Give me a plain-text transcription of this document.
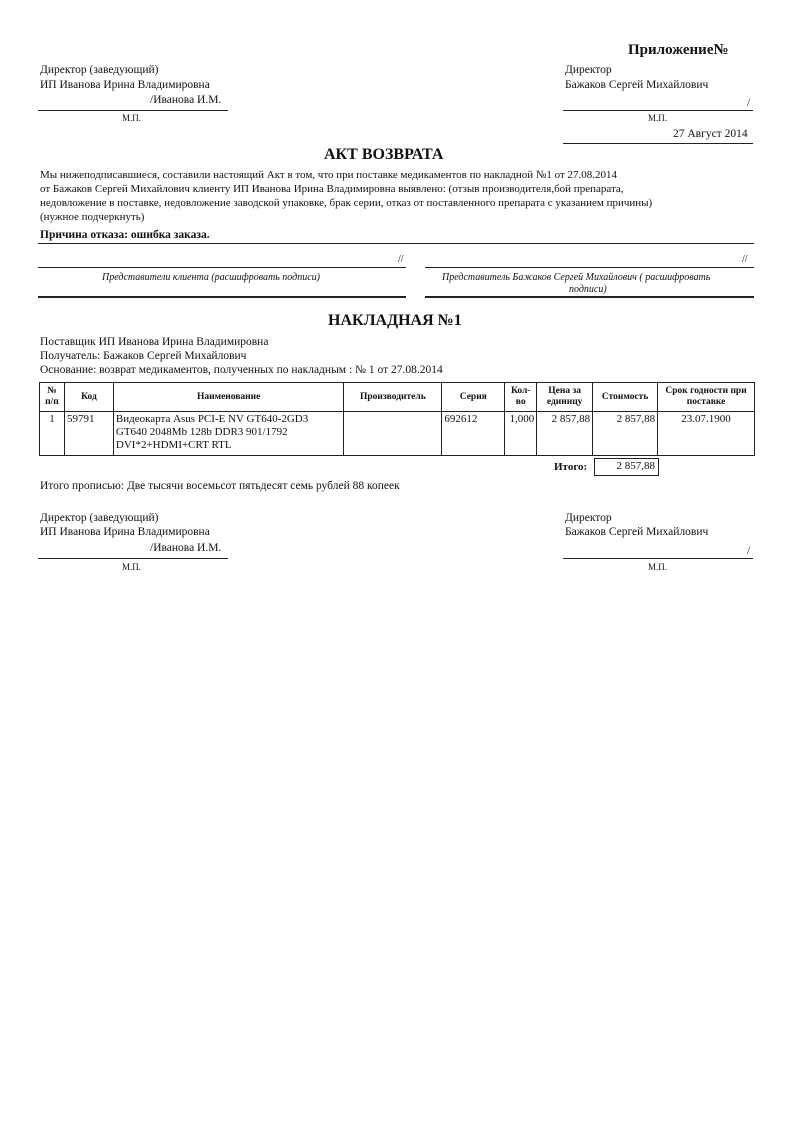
Приложение№
Директор (заведующий)
ИП Иванова Ирина Владимировна
/Иванова И.М.
М.П.
Директор
Бажаков Сергей Михайлович
/
М.П.
27 Август 2014
АКТ ВОЗВРАТА
Мы нижеподписавшиеся, составили настоящий Акт в том, что при поставке медикаментов по накладной №1 от 27.08.2014
от Бажаков Сергей Михайлович клиенту ИП Иванова Ирина Владимировна выявлено: (отзыв производителя,бой препарата,
недовложение в поставке, недовложение заводской упаковке, брак серии, отказ от поставленного препарата с указанием причины)
(нужное подчеркнуть)
Причина отказа: ошибка заказа.
//
Представители клиента (расшифровать подписи)
//
Представитель Бажаков Сергей Михайлович ( расшифровать
подписи)
НАКЛАДНАЯ №1
Поставщик ИП Иванова Ирина Владимировна
Получатель: Бажаков Сергей Михайлович
Основание: возврат медикаментов, полученных по накладным : № 1 от 27.08.2014
№ п/п	Код	Наименование	Производитель	Серия	Кол-во	Цена за единицу	Стоимость	Срок годности при поставке
1	59791	Видеокарта Asus PCI-E NV GT640-2GD3
GT640 2048Mb 128b DDR3 901/1792
DVI*2+HDMI+CRT RTL		692612	1,000	2 857,88	2 857,88	23.07.1900
Итого:	2 857,88
Итого прописью: Две тысячи восемьсот пятьдесят семь рублей 88 копеек
Директор (заведующий)
ИП Иванова Ирина Владимировна
/Иванова И.М.
М.П.
Директор
Бажаков Сергей Михайлович
/
М.П.
